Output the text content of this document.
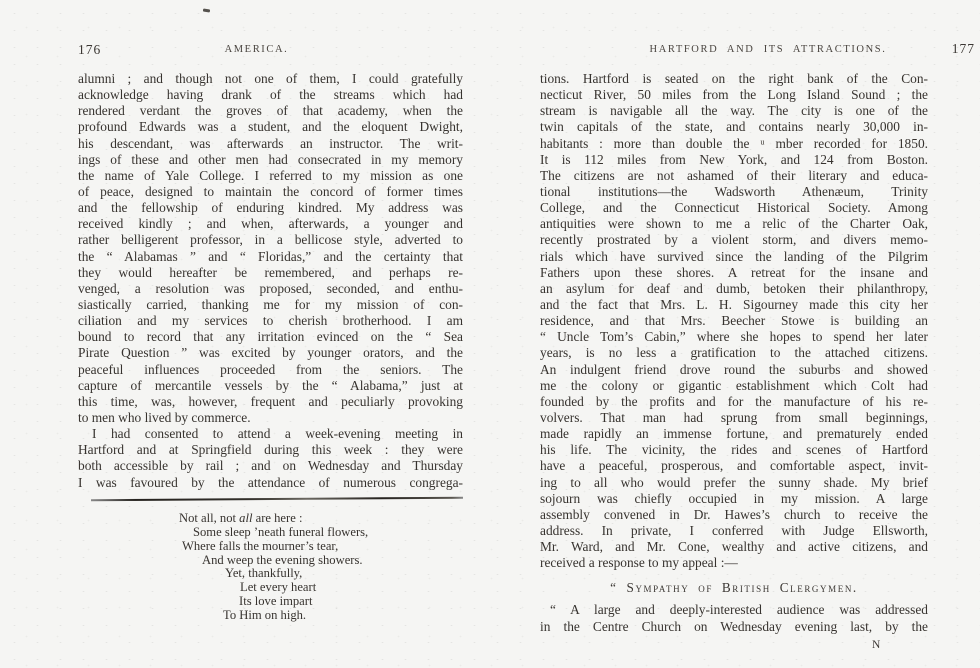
176	AMERICA.
alumni ; and though not one of them, I could gratefully
acknowledge having drank of the streams which had
rendered verdant the groves of that academy, when the
profound Edwards was a student, and the eloquent Dwight,
his descendant, was afterwards an instructor. The writ-
ings of these and other men had consecrated in my memory
the name of Yale College. I referred to my mission as one
of peace, designed to maintain the concord of former times
and the fellowship of enduring kindred. My address was
received kindly ; and when, afterwards, a younger and
rather belligerent professor, in a bellicose style, adverted to
the “ Alabamas ” and “ Floridas,” and the certainty that
they would hereafter be remembered, and perhaps re-
venged, a resolution was proposed, seconded, and enthu-
siastically carried, thanking me for my mission of con-
ciliation and my services to cherish brotherhood. I am
bound to record that any irritation evinced on the “ Sea
Pirate Question ” was excited by younger orators, and the
peaceful influences proceeded from the seniors. The
capture of mercantile vessels by the “ Alabama,” just at
this time, was, however, frequent and peculiarly provoking
to men who lived by commerce.
I had consented to attend a week-evening meeting in
Hartford and at Springfield during this week : they were
both accessible by rail ; and on Wednesday and Thursday
I was favoured by the attendance of numerous congrega-
Not all, not all are here :
Some sleep ’neath funeral flowers,
Where falls the mourner’s tear,
And weep the evening showers.
Yet, thankfully,
Let every heart
Its love impart
To Him on high.
HARTFORD AND ITS ATTRACTIONS.	177
tions. Hartford is seated on the right bank of the Con-
necticut River, 50 miles from the Long Island Sound ; the
stream is navigable all the way. The city is one of the
twin capitals of the state, and contains nearly 30,000 in-
habitants : more than double the ᵘ mber recorded for 1850.
It is 112 miles from New York, and 124 from Boston.
The citizens are not ashamed of their literary and educa-
tional institutions—the Wadsworth Athenæum, Trinity
College, and the Connecticut Historical Society. Among
antiquities were shown to me a relic of the Charter Oak,
recently prostrated by a violent storm, and divers memo-
rials which have survived since the landing of the Pilgrim
Fathers upon these shores. A retreat for the insane and
an asylum for deaf and dumb, betoken their philanthropy,
and the fact that Mrs. L. H. Sigourney made this city her
residence, and that Mrs. Beecher Stowe is building an
“ Uncle Tom’s Cabin,” where she hopes to spend her later
years, is no less a gratification to the attached citizens.
An indulgent friend drove round the suburbs and showed
me the colony or gigantic establishment which Colt had
founded by the profits and for the manufacture of his re-
volvers. That man had sprung from small beginnings,
made rapidly an immense fortune, and prematurely ended
his life. The vicinity, the rides and scenes of Hartford
have a peaceful, prosperous, and comfortable aspect, invit-
ing to all who would prefer the sunny shade. My brief
sojourn was chiefly occupied in my mission. A large
assembly convened in Dr. Hawes’s church to receive the
address. In private, I conferred with Judge Ellsworth,
Mr. Ward, and Mr. Cone, wealthy and active citizens, and
received a response to my appeal :—
“ Sympathy of British Clergymen.
“ A large and deeply-interested audience was addressed
in the Centre Church on Wednesday evening last, by the
N
